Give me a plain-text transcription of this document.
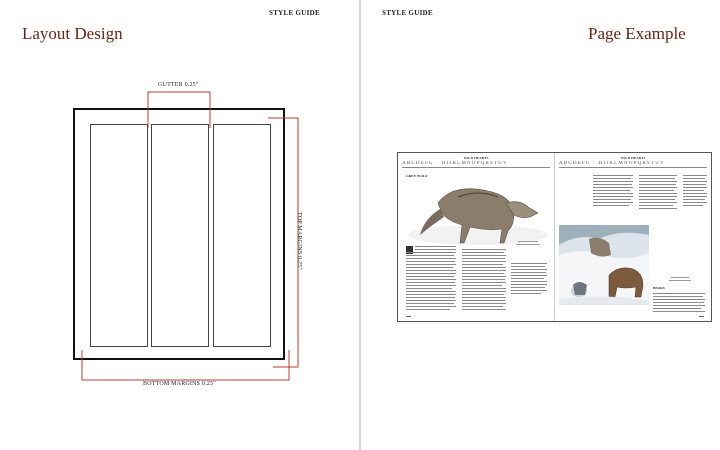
STYLE GUIDE
Layout Design
GUTTER 0.25"
TOP MARGINS 0.25"
BOTTOM MARGINS 0.25"
STYLE GUIDE
Page Example
WILD HEARTS
ABCDEFG · HIJKLMNOPQRSTUV
GREY WOLF
WILD HEARTS
ABCDEFG · HIJKLMNOPQRSTUV
BEARS
